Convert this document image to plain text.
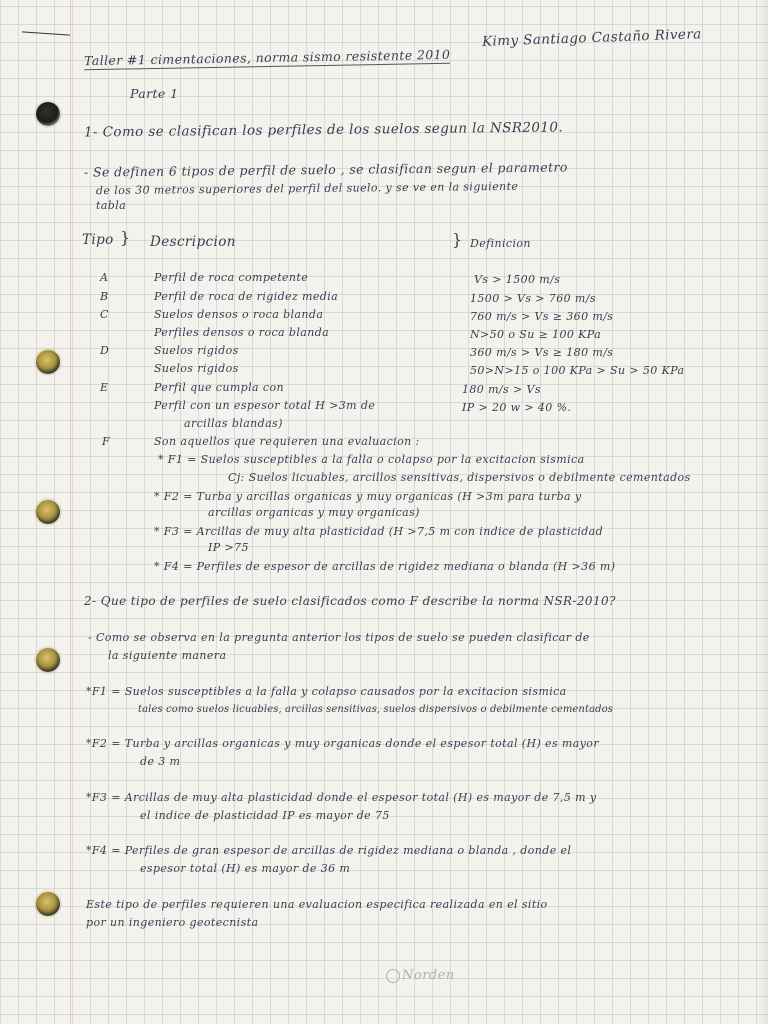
Kimy Santiago Castaño Rivera
Taller #1 cimentaciones, norma sismo resistente 2010
Parte 1
1- Como se clasifican los perfiles de los suelos segun la NSR2010.
- Se definen 6 tipos de perfil de suelo , se clasifican segun el parametro
de los 30 metros superiores del perfil del suelo. y se ve en la siguiente
tabla
Tipo } Descripcion	} Definicion
A	Perfil de roca competente	Vs > 1500 m/s
B	Perfil de roca de rigidez media	1500 > Vs > 760 m/s
C	Suelos densos o roca blanda	760 m/s > Vs ≥ 360 m/s
Perfiles densos o roca blanda	N>50 o Su ≥ 100 KPa
D	Suelos rigidos	360 m/s > Vs ≥ 180 m/s
Suelos rigidos	50>N>15 o 100 KPa > Su > 50 KPa
E	Perfil que cumpla con	180 m/s > Vs
Perfil con un espesor total H >3m de	IP > 20 w > 40 %.
arcillas blandas)
F	Son aquellos que requieren una evaluacion :
* F1 = Suelos susceptibles a la falla o colapso por la excitacion sismica
Cj: Suelos licuables, arcillos sensitivas, dispersivos o debilmente cementados
* F2 = Turba y arcillas organicas y muy organicas (H >3m para turba y
arcillas organicas y muy organicas)
* F3 = Arcillas de muy alta plasticidad (H >7,5 m con indice de plasticidad
IP >75
* F4 = Perfiles de espesor de arcillas de rigidez mediana o blanda (H >36 m)
2- Que tipo de perfiles de suelo clasificados como F describe la norma NSR-2010?
- Como se observa en la pregunta anterior los tipos de suelo se pueden clasificar de
la siguiente manera
*F1 = Suelos susceptibles a la falla y colapso causados por la excitacion sismica
tales como suelos licuables, arcillas sensitivas, suelos dispersivos o debilmente cementados
*F2 = Turba y arcillas organicas y muy organicas donde el espesor total (H) es mayor
de 3 m
*F3 = Arcillas de muy alta plasticidad donde el espesor total (H) es mayor de 7,5 m y
el indice de plasticidad IP es mayor de 75
*F4 = Perfiles de gran espesor de arcillas de rigidez mediana o blanda , donde el
espesor total (H) es mayor de 36 m
Este tipo de perfiles requieren una evaluacion especifica realizada en el sitio
por un ingeniero geotecnista
Norden
